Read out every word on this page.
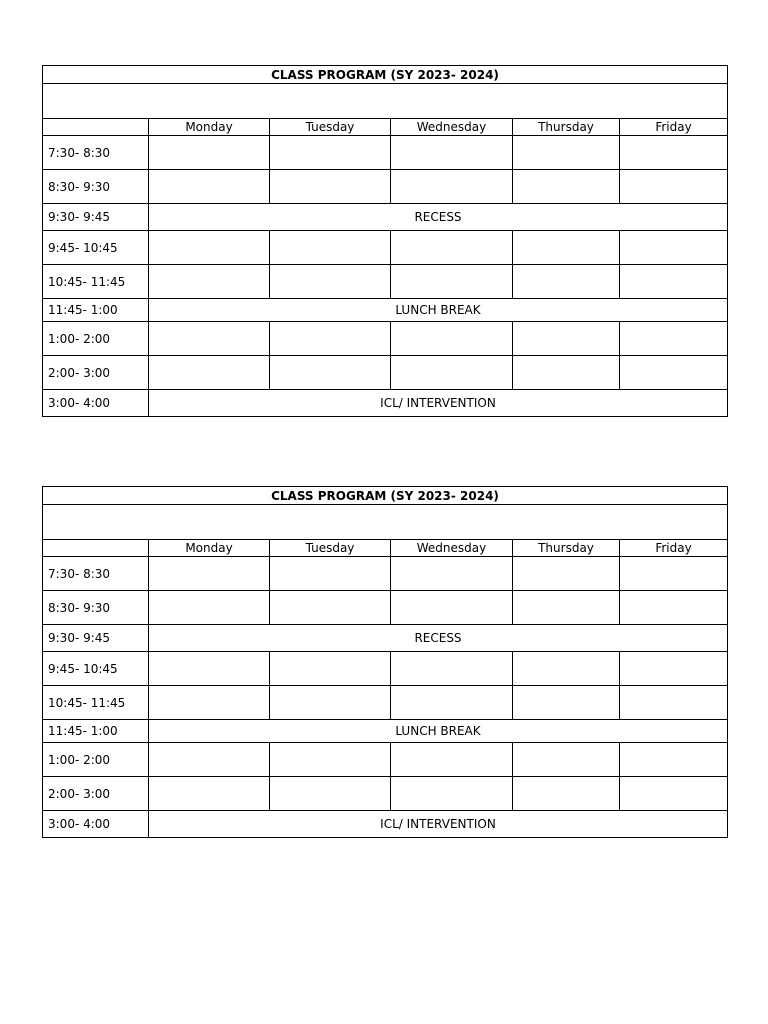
CLASS PROGRAM (SY 2023- 2024)					

	Monday	Tuesday	Wednesday	Thursday	Friday
7:30- 8:30					
8:30- 9:30					
9:30- 9:45	RECESS				
9:45- 10:45					
10:45- 11:45					
11:45- 1:00	LUNCH BREAK				
1:00- 2:00					
2:00- 3:00					
3:00- 4:00	ICL/ INTERVENTION				
CLASS PROGRAM (SY 2023- 2024)					

	Monday	Tuesday	Wednesday	Thursday	Friday
7:30- 8:30					
8:30- 9:30					
9:30- 9:45	RECESS				
9:45- 10:45					
10:45- 11:45					
11:45- 1:00	LUNCH BREAK				
1:00- 2:00					
2:00- 3:00					
3:00- 4:00	ICL/ INTERVENTION				
